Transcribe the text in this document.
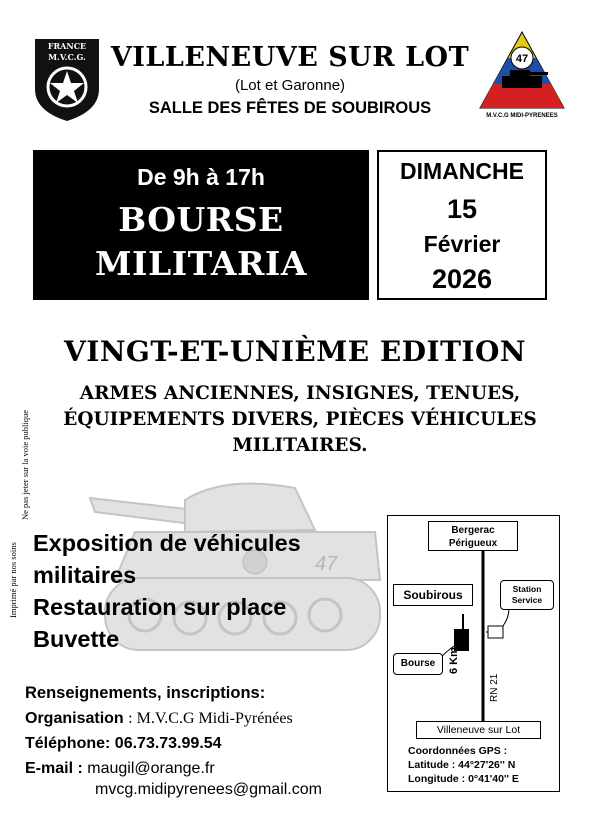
FRANCE
M.V.C.G. VILLENEUVE SUR LOT
(Lot et Garonne)
SALLE DES FÊTES DE SOUBIROUS
47
M.V.C.G MIDI-PYRENEES
De 9h à 17h
BOURSE
MILITARIA
DIMANCHE
15
Février
2026
VINGT-ET-UNIÈME EDITION
ARMES ANCIENNES, INSIGNES, TENUES,
ÉQUIPEMENTS DIVERS, PIÈCES VÉHICULES
MILITAIRES.
Imprimé par nos soins
Ne pas jeter sur la voie publique
47
Exposition de véhicules
militaires
Restauration sur place
Buvette
Renseignements, inscriptions:
Organisation : M.V.C.G Midi-Pyrénées
Téléphone: 06.73.73.99.54
E-mail : maugil@orange.fr
mvcg.midipyrenees@gmail.com
Bergerac
Périgueux
Soubirous	Station
Service
Bourse	6 Km
RN 21
Villeneuve sur Lot
Coordonnées GPS :
Latitude : 44°27'26'' N
Longitude : 0°41'40'' E
